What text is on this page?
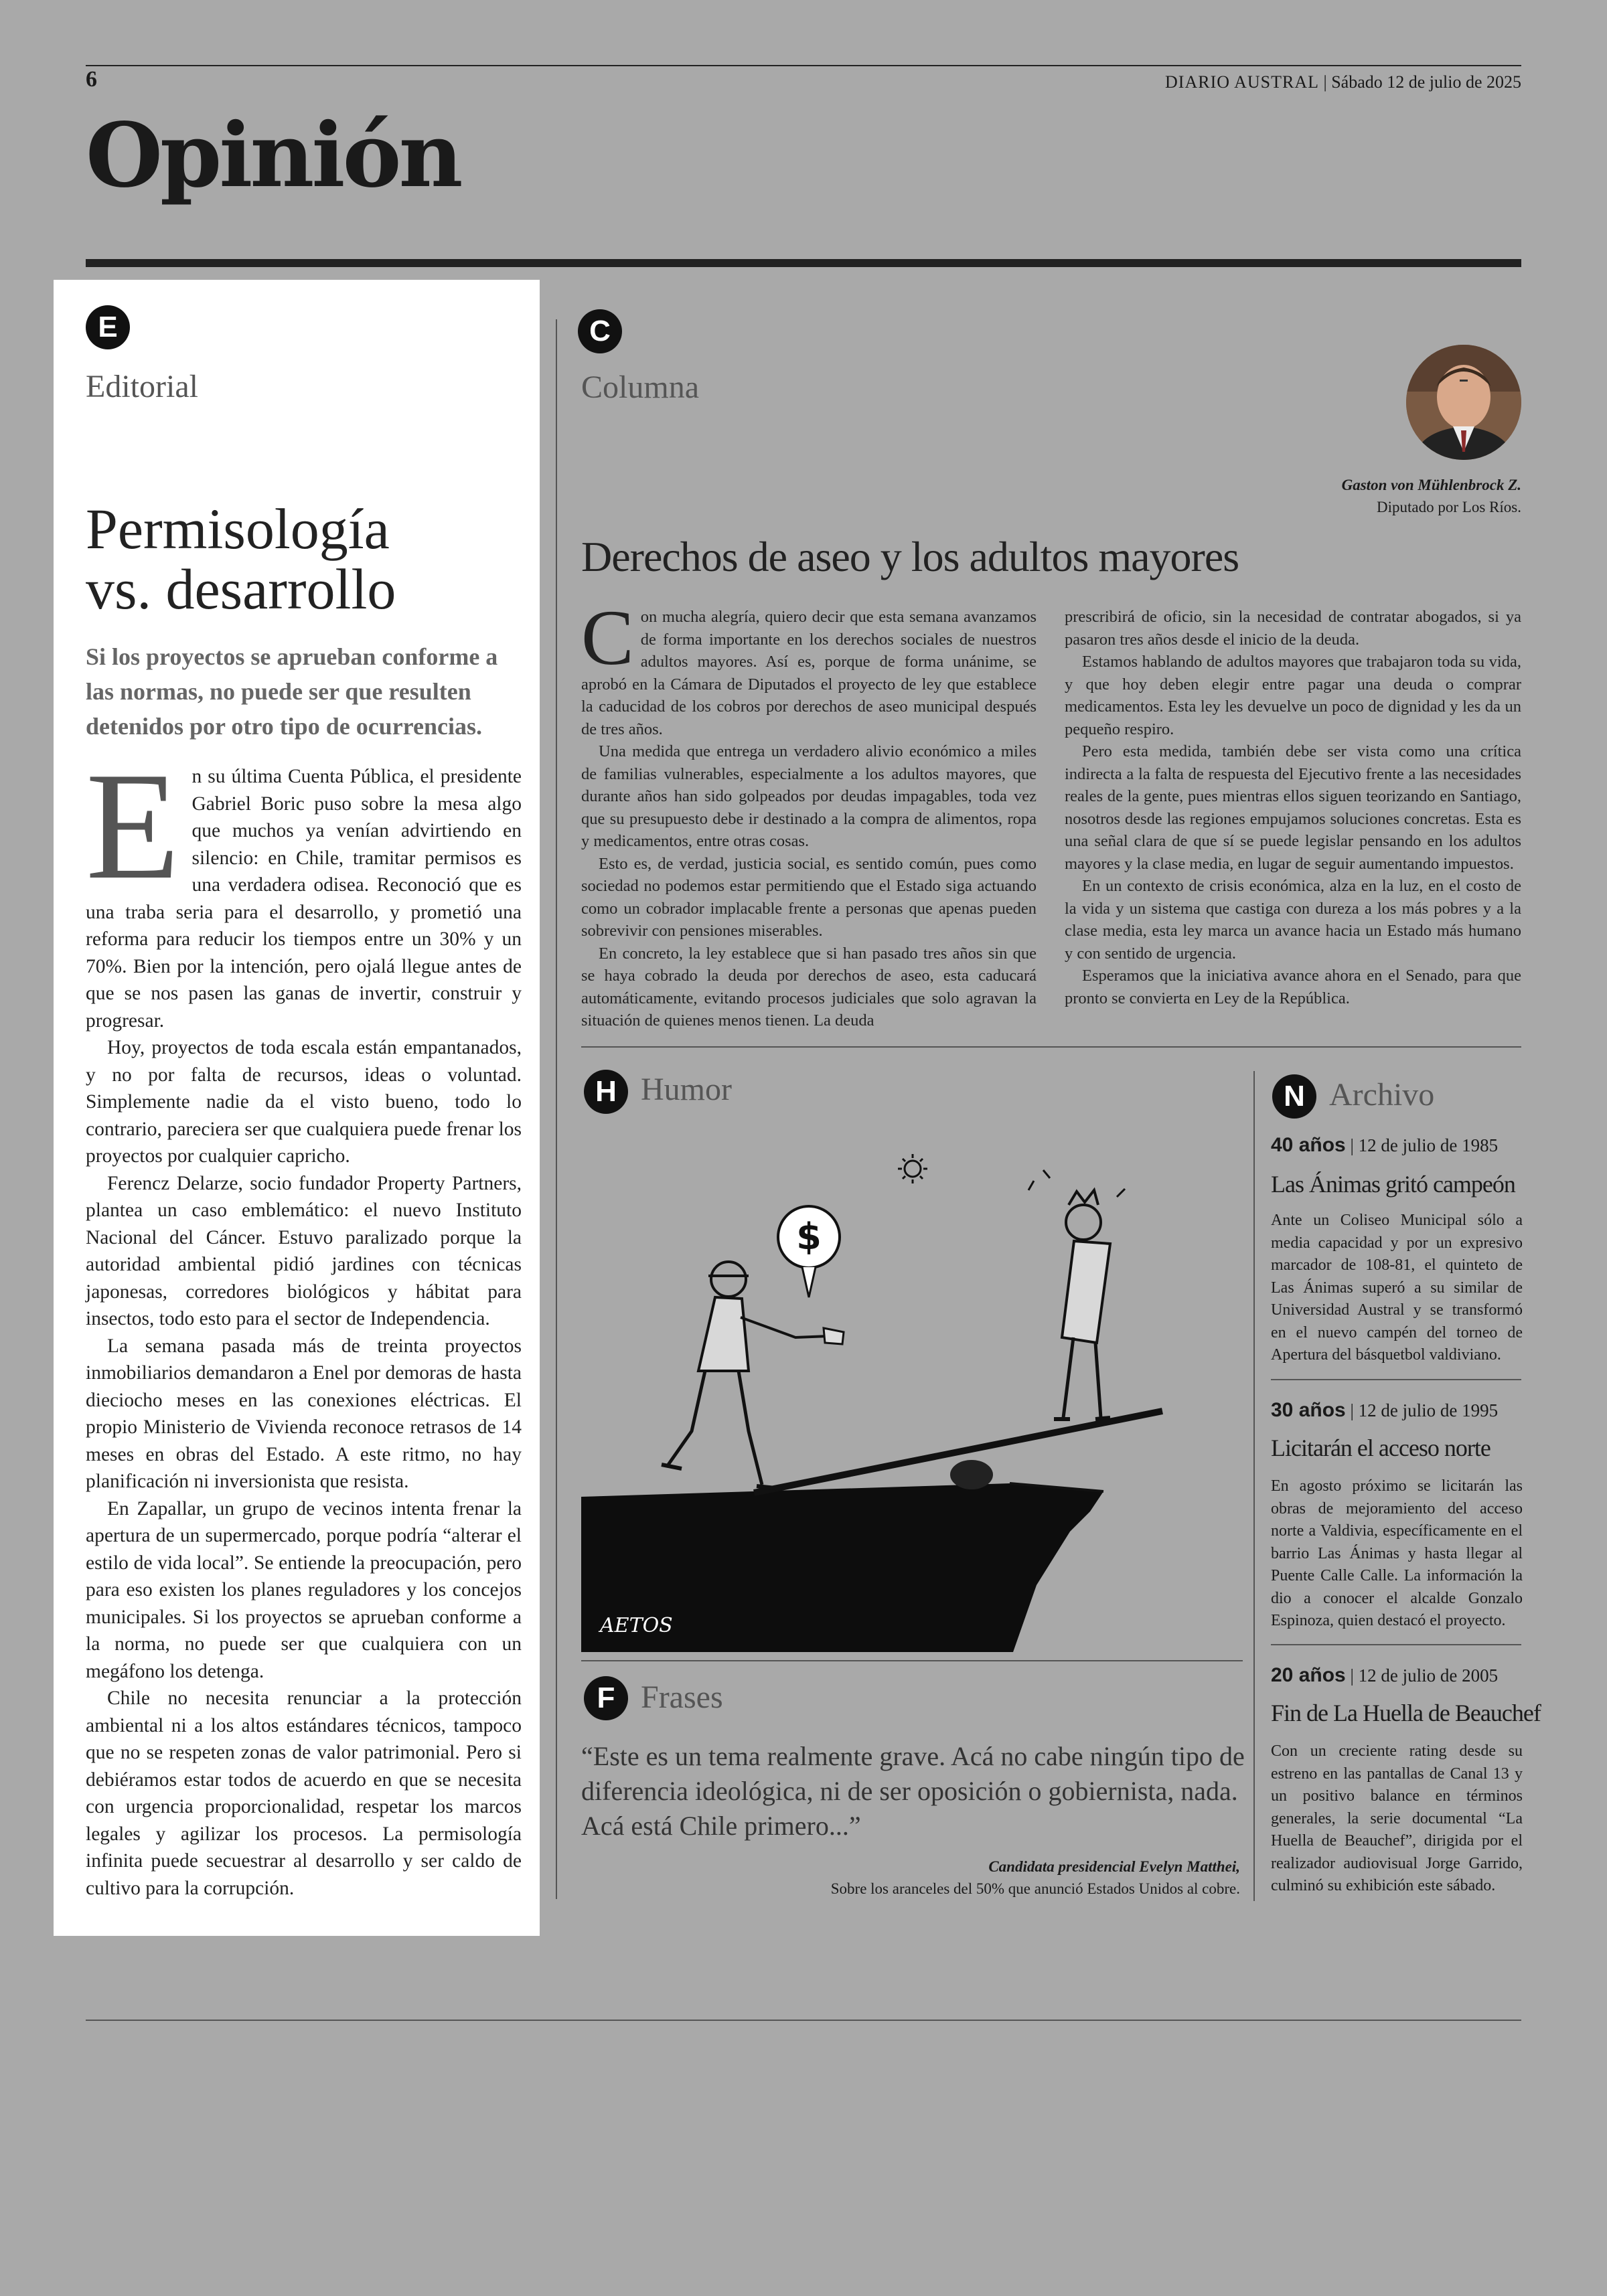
6	DIARIO AUSTRAL | Sábado 12 de julio de 2025
Opinión
E
Editorial
Permisología
vs. desarrollo
Si los proyectos se aprueban conforme a las normas, no puede ser que resulten detenidos por otro tipo de ocurrencias.

En su última Cuenta Pública, el presidente Gabriel Boric puso sobre la mesa algo que muchos ya venían advirtiendo en silencio: en Chile, tramitar permisos es una verdadera odisea. Reconoció que es una traba seria para el desarrollo, y prometió una reforma para reducir los tiempos entre un 30% y un 70%. Bien por la intención, pero ojalá llegue antes de que se nos pasen las ganas de invertir, construir y progresar.

Hoy, proyectos de toda escala están empantanados, y no por falta de recursos, ideas o voluntad. Simplemente nadie da el visto bueno, todo lo contrario, pareciera ser que cualquiera puede frenar los proyectos por cualquier capricho.

Ferencz Delarze, socio fundador Property Partners, plantea un caso emblemático: el nuevo Instituto Nacional del Cáncer. Estuvo paralizado porque la autoridad ambiental pidió jardines con técnicas japonesas, corredores biológicos y hábitat para insectos, todo esto para el sector de Independencia.

La semana pasada más de treinta proyectos inmobiliarios demandaron a Enel por demoras de hasta dieciocho meses en las conexiones eléctricas. El propio Ministerio de Vivienda reconoce retrasos de 14 meses en obras del Estado. A este ritmo, no hay planificación ni inversionista que resista.

En Zapallar, un grupo de vecinos intenta frenar la apertura de un supermercado, porque podría “alterar el estilo de vida local”. Se entiende la preocupación, pero para eso existen los planes reguladores y los concejos municipales. Si los proyectos se aprueban conforme a la norma, no puede ser que cualquiera con un megáfono los detenga.

Chile no necesita renunciar a la protección ambiental ni a los altos estándares técnicos, tampoco que no se respeten zonas de valor patrimonial. Pero si debiéramos estar todos de acuerdo en que se necesita con urgencia proporcionalidad, respetar los marcos legales y agilizar los procesos. La permisología infinita puede secuestrar al desarrollo y ser caldo de cultivo para la corrupción.

C
Columna
Gaston von Mühlenbrock Z.
Diputado por Los Ríos.
Derechos de aseo y los adultos mayores

Con mucha alegría, quiero decir que esta semana avanzamos de forma importante en los derechos sociales de nuestros adultos mayores. Así es, porque de forma unánime, se aprobó en la Cámara de Diputados el proyecto de ley que establece la caducidad de los cobros por derechos de aseo municipal después de tres años.

Una medida que entrega un verdadero alivio económico a miles de familias vulnerables, especialmente a los adultos mayores, que durante años han sido golpeados por deudas impagables, toda vez que su presupuesto debe ir destinado a la compra de alimentos, ropa y medicamentos, entre otras cosas.

Esto es, de verdad, justicia social, es sentido común, pues como sociedad no podemos estar permitiendo que el Estado siga actuando como un cobrador implacable frente a personas que apenas pueden sobrevivir con pensiones miserables.

En concreto, la ley establece que si han pasado tres años sin que se haya cobrado la deuda por derechos de aseo, esta caducará automáticamente, evitando procesos judiciales que solo agravan la situación de quienes menos tienen. La deuda

prescribirá de oficio, sin la necesidad de contratar abogados, si ya pasaron tres años desde el inicio de la deuda.

Estamos hablando de adultos mayores que trabajaron toda su vida, y que hoy deben elegir entre pagar una deuda o comprar medicamentos. Esta ley les devuelve un poco de dignidad y les da un pequeño respiro.

Pero esta medida, también debe ser vista como una crítica indirecta a la falta de respuesta del Ejecutivo frente a las necesidades reales de la gente, pues mientras ellos siguen teorizando en Santiago, nosotros desde las regiones empujamos soluciones concretas. Esta es una señal clara de que sí se puede legislar pensando en los adultos mayores y la clase media, en lugar de seguir aumentando impuestos.

En un contexto de crisis económica, alza en la luz, en el costo de la vida y un sistema que castiga con dureza a los más pobres y a la clase media, esta ley marca un avance hacia un Estado más humano y con sentido de urgencia.

Esperamos que la iniciativa avance ahora en el Senado, para que pronto se convierta en Ley de la República.

H Humor
$
AETOS
F Frases
“Este es un tema realmente grave. Acá no cabe ningún tipo de diferencia ideológica, ni de ser oposición o gobiernista, nada. Acá está Chile primero...”
Candidata presidencial Evelyn Matthei,
Sobre los aranceles del 50% que anunció Estados Unidos al cobre.
N Archivo
40 años | 12 de julio de 1985
Las Ánimas gritó campeón
Ante un Coliseo Municipal sólo a media capacidad y por un expresivo marcador de 108-81, el quinteto de Las Ánimas superó a su similar de Universidad Austral y se transformó en el nuevo campén del torneo de Apertura del básquetbol valdiviano.
30 años | 12 de julio de 1995
Licitarán el acceso norte
En agosto próximo se licitarán las obras de mejoramiento del acceso norte a Valdivia, específicamente en el barrio Las Ánimas y hasta llegar al Puente Calle Calle. La información la dio a conocer el alcalde Gonzalo Espinoza, quien destacó el proyecto.
20 años | 12 de julio de 2005
Fin de La Huella de Beauchef
Con un creciente rating desde su estreno en las pantallas de Canal 13 y un positivo balance en términos generales, la serie documental “La Huella de Beauchef”, dirigida por el realizador audiovisual Jorge Garrido, culminó su exhibición este sábado.
